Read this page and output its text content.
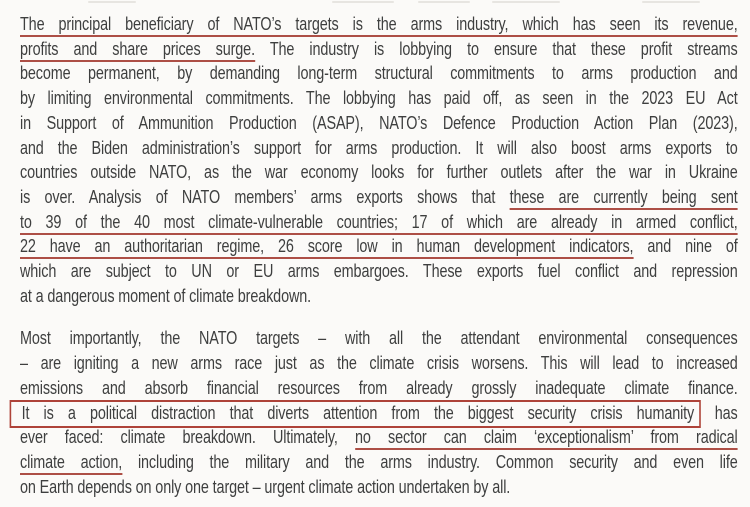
The principal beneficiary of NATO’s targets is the arms industry, which has seen its revenue,
profits and share prices surge. The industry is lobbying to ensure that these profit streams
become permanent, by demanding long-term structural commitments to arms production and
by limiting environmental commitments. The lobbying has paid off, as seen in the 2023 EU Act
in Support of Ammunition Production (ASAP), NATO’s Defence Production Action Plan (2023),
and the Biden administration’s support for arms production. It will also boost arms exports to
countries outside NATO, as the war economy looks for further outlets after the war in Ukraine
is over. Analysis of NATO members’ arms exports shows that these are currently being sent
to 39 of the 40 most climate-vulnerable countries; 17 of which are already in armed conflict,
22 have an authoritarian regime, 26 score low in human development indicators, and nine of
which are subject to UN or EU arms embargoes. These exports fuel conflict and repression
at a dangerous moment of climate breakdown.
Most importantly, the NATO targets – with all the attendant environmental consequences
– are igniting a new arms race just as the climate crisis worsens. This will lead to increased
emissions and absorb financial resources from already grossly inadequate climate finance.
It is a political distraction that diverts attention from the biggest security crisis humanity has
ever faced: climate breakdown. Ultimately, no sector can claim ‘exceptionalism’ from radical
climate action, including the military and the arms industry. Common security and even life
on Earth depends on only one target – urgent climate action undertaken by all.
